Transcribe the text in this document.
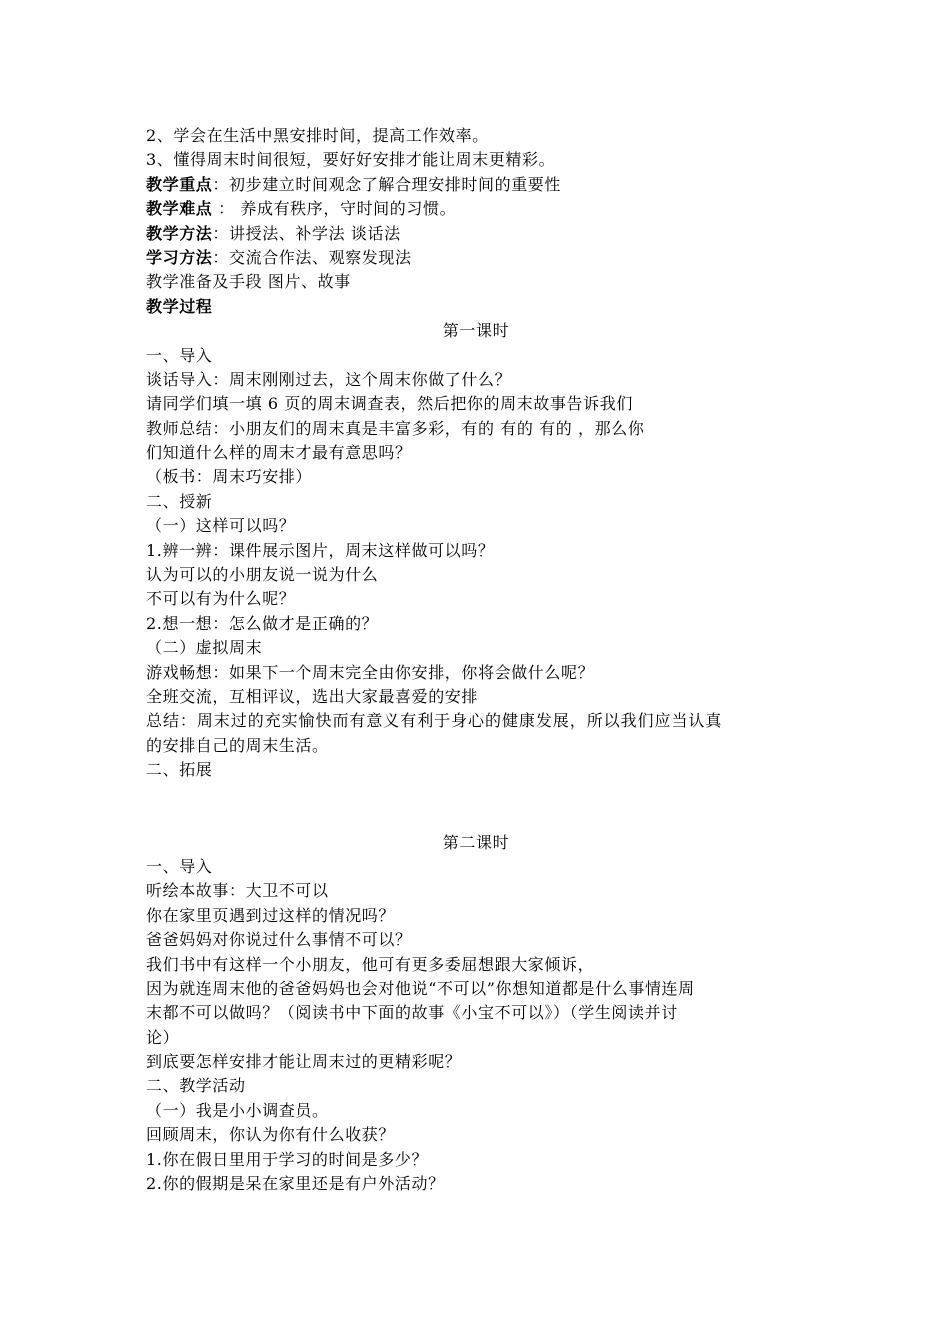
2、学会在生活中黑安排时间，提高工作效率。
3、懂得周末时间很短，要好好安排才能让周末更精彩。
教学重点：初步建立时间观念了解合理安排时间的重要性
教学难点 ： 养成有秩序，守时间的习惯。
教学方法：讲授法、补学法 谈话法
学习方法：交流合作法、观察发现法
教学准备及手段 图片、故事
教学过程
第一课时
一、导入
谈话导入：周末刚刚过去，这个周末你做了什么？
请同学们填一填 6 页的周末调查表，然后把你的周末故事告诉我们
教师总结：小朋友们的周末真是丰富多彩，有的 有的 有的 ，那么你
们知道什么样的周末才最有意思吗？
（板书：周末巧安排）
二、授新
（一）这样可以吗？
1.辨一辨：课件展示图片，周末这样做可以吗？
认为可以的小朋友说一说为什么
不可以有为什么呢？
2.想一想：怎么做才是正确的？
（二）虚拟周末
游戏畅想：如果下一个周末完全由你安排，你将会做什么呢？
全班交流，互相评议，选出大家最喜爱的安排
总结：周末过的充实愉快而有意义有利于身心的健康发展，所以我们应当认真
的安排自己的周末生活。
二、拓展
第二课时
一、导入
听绘本故事：大卫不可以
你在家里页遇到过这样的情况吗？
爸爸妈妈对你说过什么事情不可以？
我们书中有这样一个小朋友，他可有更多委屈想跟大家倾诉，
因为就连周末他的爸爸妈妈也会对他说“不可以”你想知道都是什么事情连周
末都不可以做吗？（阅读书中下面的故事《小宝不可以》）（学生阅读并讨
论）
到底要怎样安排才能让周末过的更精彩呢？
二、教学活动
（一）我是小小调查员。
回顾周末，你认为你有什么收获？
1.你在假日里用于学习的时间是多少？
2.你的假期是呆在家里还是有户外活动？
